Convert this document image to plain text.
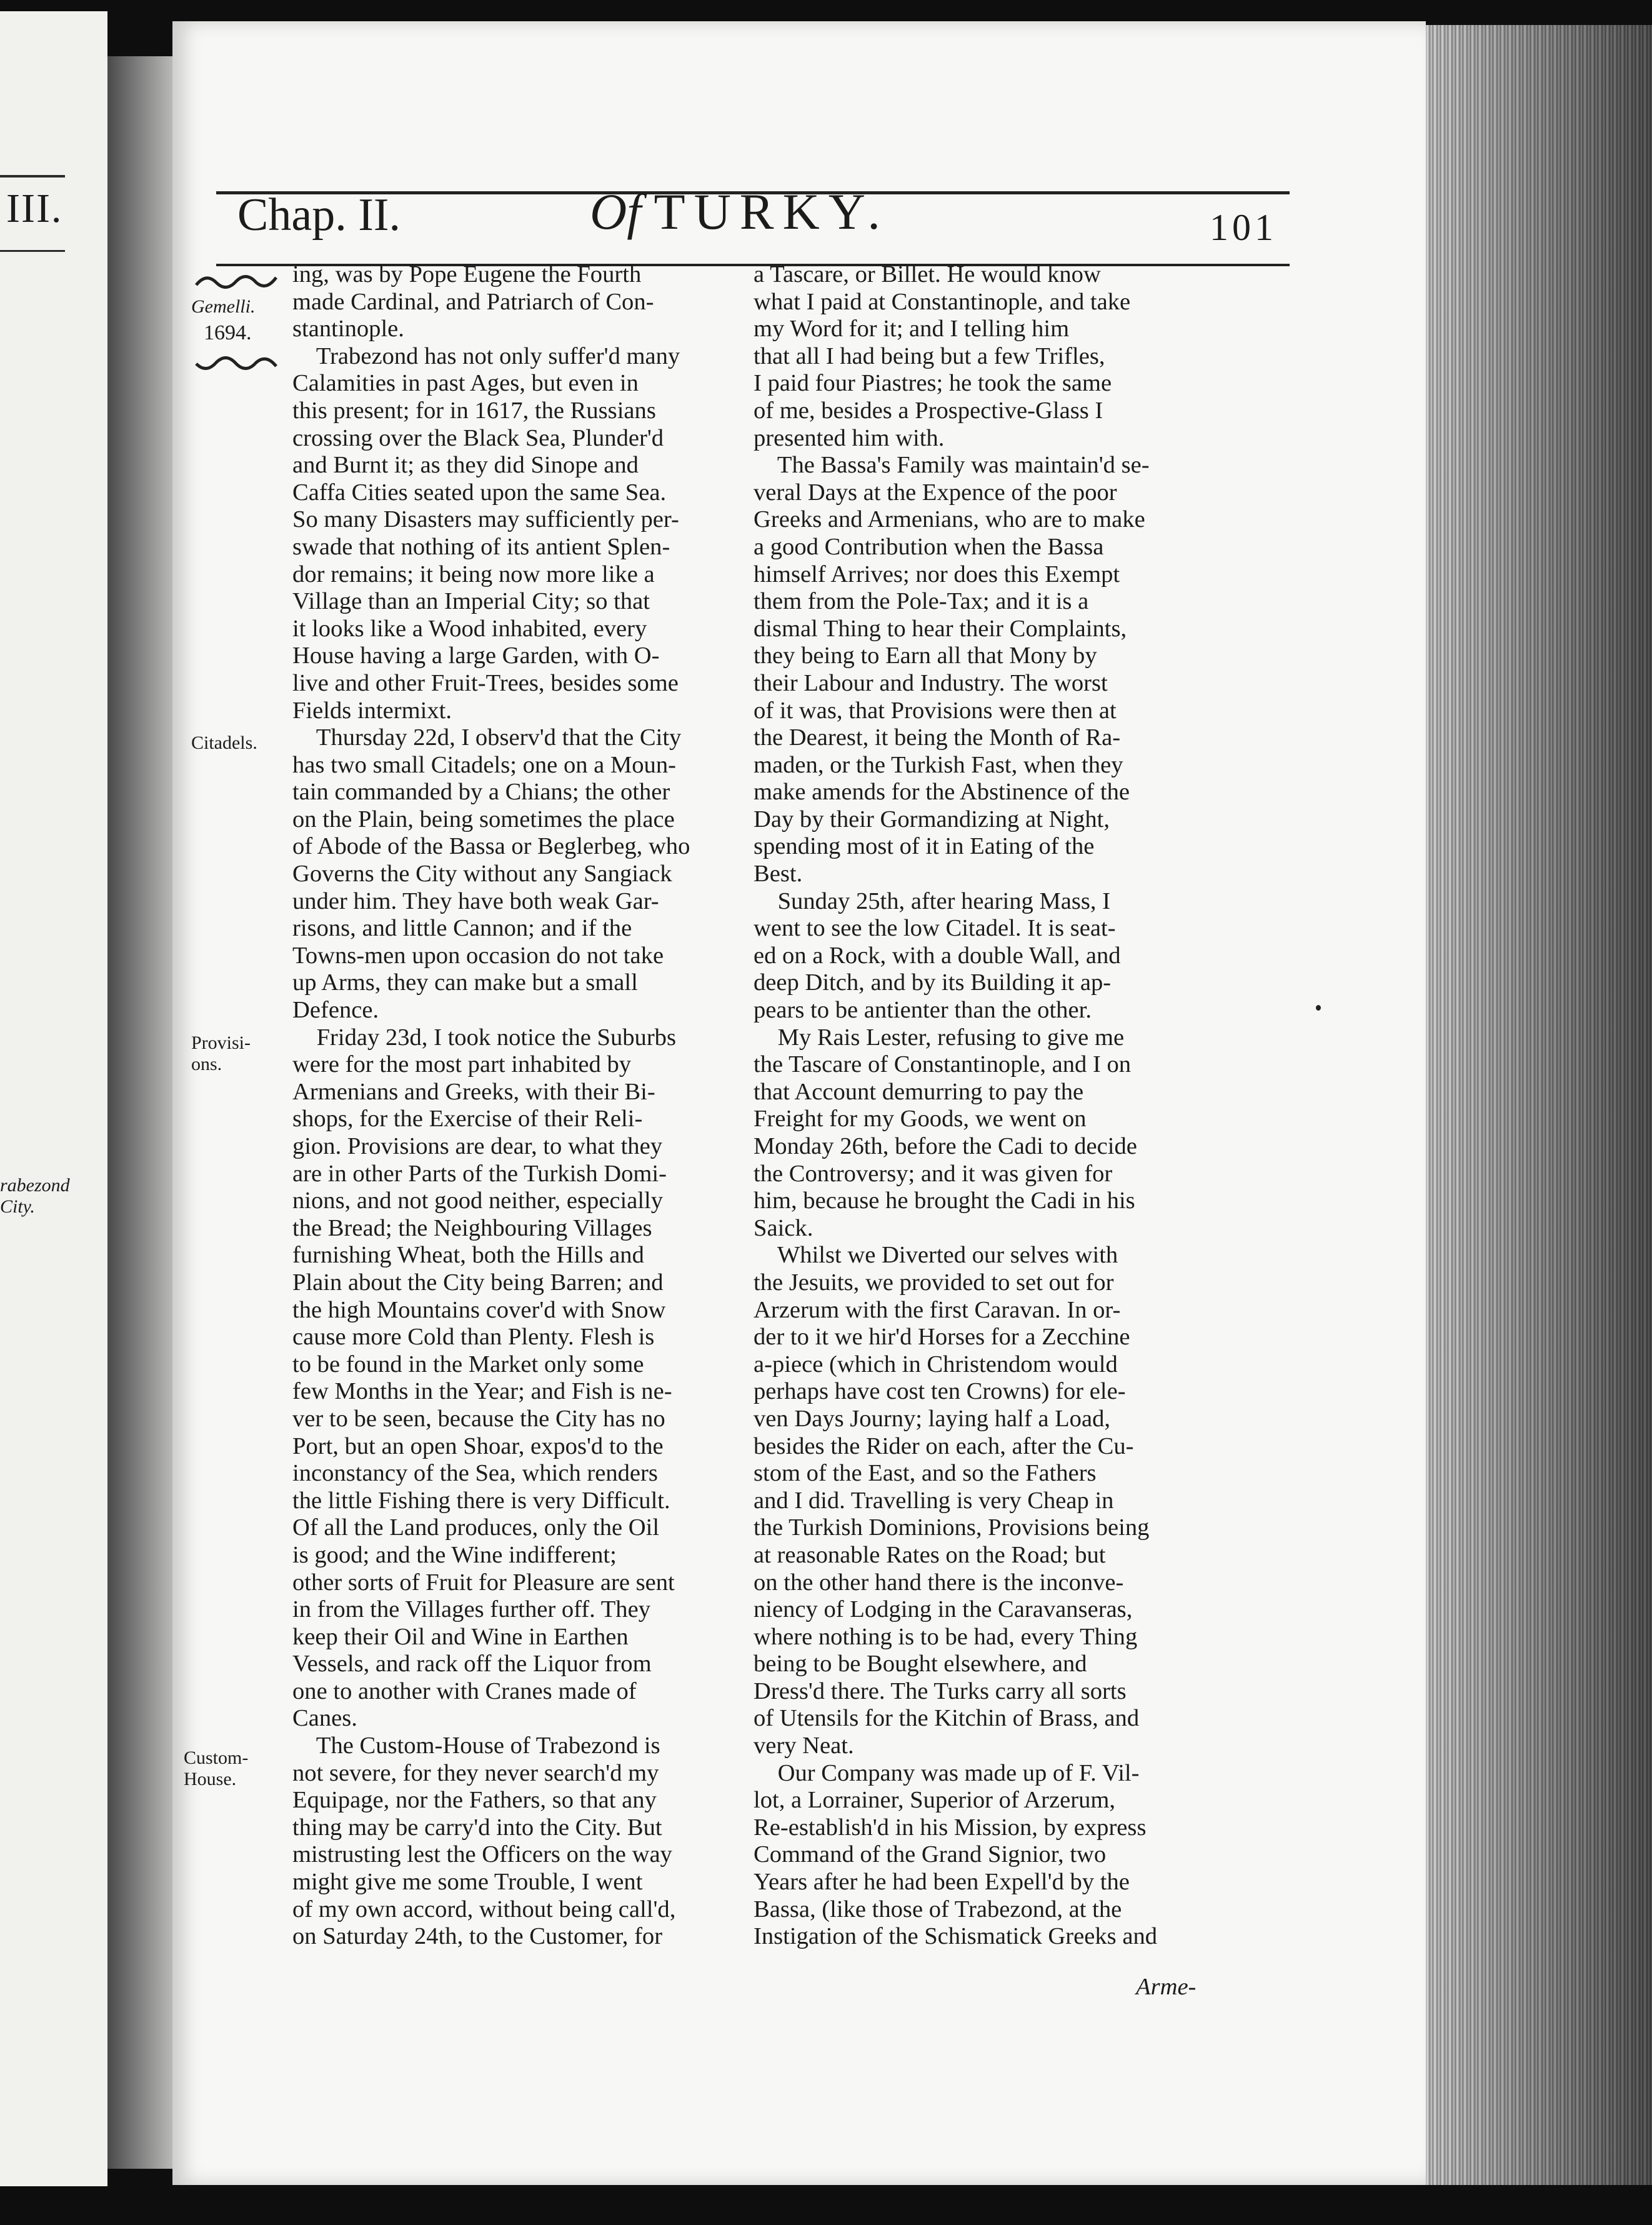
III.
rabezond
City.
Chap. II.	Of TURKY.	101
Gemelli.
1694.
Citadels.
Provisi-
ons.
Custom-
House.
ing, was by Pope Eugene the Fourth
made Cardinal, and Patriarch of Con-
stantinople.
Trabezond has not only suffer'd many
Calamities in past Ages, but even in
this present; for in 1617, the Russians
crossing over the Black Sea, Plunder'd
and Burnt it; as they did Sinope and
Caffa Cities seated upon the same Sea.
So many Disasters may sufficiently per-
swade that nothing of its antient Splen-
dor remains; it being now more like a
Village than an Imperial City; so that
it looks like a Wood inhabited, every
House having a large Garden, with O-
live and other Fruit-Trees, besides some
Fields intermixt.
Thursday 22d, I observ'd that the City
has two small Citadels; one on a Moun-
tain commanded by a Chians; the other
on the Plain, being sometimes the place
of Abode of the Bassa or Beglerbeg, who
Governs the City without any Sangiack
under him. They have both weak Gar-
risons, and little Cannon; and if the
Towns-men upon occasion do not take
up Arms, they can make but a small
Defence.
Friday 23d, I took notice the Suburbs
were for the most part inhabited by
Armenians and Greeks, with their Bi-
shops, for the Exercise of their Reli-
gion. Provisions are dear, to what they
are in other Parts of the Turkish Domi-
nions, and not good neither, especially
the Bread; the Neighbouring Villages
furnishing Wheat, both the Hills and
Plain about the City being Barren; and
the high Mountains cover'd with Snow
cause more Cold than Plenty. Flesh is
to be found in the Market only some
few Months in the Year; and Fish is ne-
ver to be seen, because the City has no
Port, but an open Shoar, expos'd to the
inconstancy of the Sea, which renders
the little Fishing there is very Difficult.
Of all the Land produces, only the Oil
is good; and the Wine indifferent;
other sorts of Fruit for Pleasure are sent
in from the Villages further off. They
keep their Oil and Wine in Earthen
Vessels, and rack off the Liquor from
one to another with Cranes made of
Canes.
The Custom-House of Trabezond is
not severe, for they never search'd my
Equipage, nor the Fathers, so that any
thing may be carry'd into the City. But
mistrusting lest the Officers on the way
might give me some Trouble, I went
of my own accord, without being call'd,
on Saturday 24th, to the Customer, for
a Tascare, or Billet. He would know
what I paid at Constantinople, and take
my Word for it; and I telling him
that all I had being but a few Trifles,
I paid four Piastres; he took the same
of me, besides a Prospective-Glass I
presented him with.
The Bassa's Family was maintain'd se-
veral Days at the Expence of the poor
Greeks and Armenians, who are to make
a good Contribution when the Bassa
himself Arrives; nor does this Exempt
them from the Pole-Tax; and it is a
dismal Thing to hear their Complaints,
they being to Earn all that Mony by
their Labour and Industry. The worst
of it was, that Provisions were then at
the Dearest, it being the Month of Ra-
maden, or the Turkish Fast, when they
make amends for the Abstinence of the
Day by their Gormandizing at Night,
spending most of it in Eating of the
Best.
Sunday 25th, after hearing Mass, I
went to see the low Citadel. It is seat-
ed on a Rock, with a double Wall, and
deep Ditch, and by its Building it ap-
pears to be antienter than the other.
My Rais Lester, refusing to give me
the Tascare of Constantinople, and I on
that Account demurring to pay the
Freight for my Goods, we went on
Monday 26th, before the Cadi to decide
the Controversy; and it was given for
him, because he brought the Cadi in his
Saick.
Whilst we Diverted our selves with
the Jesuits, we provided to set out for
Arzerum with the first Caravan. In or-
der to it we hir'd Horses for a Zecchine
a-piece (which in Christendom would
perhaps have cost ten Crowns) for ele-
ven Days Journy; laying half a Load,
besides the Rider on each, after the Cu-
stom of the East, and so the Fathers
and I did. Travelling is very Cheap in
the Turkish Dominions, Provisions being
at reasonable Rates on the Road; but
on the other hand there is the inconve-
niency of Lodging in the Caravanseras,
where nothing is to be had, every Thing
being to be Bought elsewhere, and
Dress'd there. The Turks carry all sorts
of Utensils for the Kitchin of Brass, and
very Neat.
Our Company was made up of F. Vil-
lot, a Lorrainer, Superior of Arzerum,
Re-establish'd in his Mission, by express
Command of the Grand Signior, two
Years after he had been Expell'd by the
Bassa, (like those of Trabezond, at the
Instigation of the Schismatick Greeks and
Arme-
